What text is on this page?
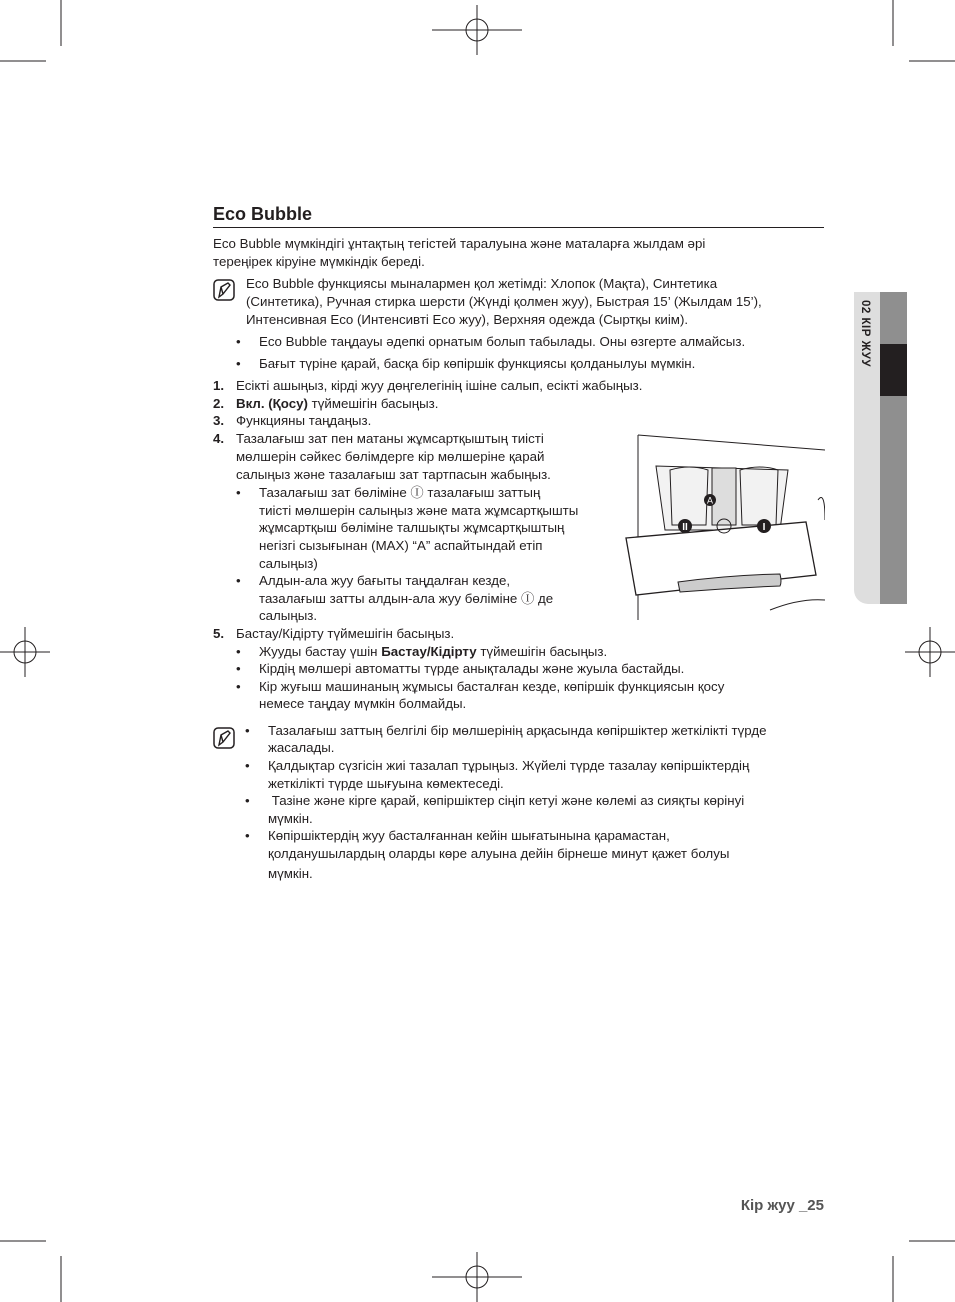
Eco Bubble
Eco Bubble мүмкіндігі ұнтақтың тегістей таралуына және маталарға жылдам әрі
тереңірек кіруіне мүмкіндік береді.
Eco Bubble функциясы мыналармен қол жетімді: Хлопок (Мақта), Синтетика
(Синтетика), Ручная стирка шерсти (Жүнді қолмен жуу), Быстрая 15’ (Жылдам 15’),
Интенсивная Eco (Интенсивті Eco жуу), Верхняя одежда (Сыртқы киім).
• Eco Bubble таңдауы әдепкі орнатым болып табылады. Оны өзгерте алмайсыз.
• Бағыт түріне қарай, басқа бір көпіршік функциясы қолданылуы мүмкін.
1. Есікті ашыңыз, кірді жуу дөңгелегінің ішіне салып, есікті жабыңыз.
2. Вкл. (Қосу) түймешігін басыңыз.
3. Функцияны таңдаңыз.
4. Тазалағыш зат пен матаны жұмсартқыштың тиісті
мөлшерін сәйкес бөлімдерге кір мөлшеріне қарай
салыңыз және тазалағыш зат тартпасын жабыңыз.
• Тазалағыш зат бөліміне Ⓘ тазалағыш заттың
тиісті мөлшерін салыңыз және мата жұмсартқышты
жұмсартқыш бөліміне талшықты жұмсартқыштың
негізгі сызығынан (MAX) “A” аспайтындай етіп
салыңыз)
• Алдын-ала жуу бағыты таңдалған кезде,
тазалағыш затты алдын-ала жуу бөліміне Ⓘ де
салыңыз.
5. Бастау/Кідірту түймешігін басыңыз.
• Жууды бастау үшін Бастау/Кідірту түймешігін басыңыз.
• Кірдің мөлшері автоматты түрде анықталады және жуыла бастайды.
• Кір жуғыш машинаның жұмысы басталған кезде, көпіршік функциясын қосу
немесе таңдау мүмкін болмайды.
• Тазалағыш заттың белгілі бір мөлшерінің арқасында көпіршіктер жеткілікті түрде
жасалады.
• Қалдықтар сүзгісін жиі тазалап тұрыңыз. Жүйелі түрде тазалау көпіршіктердің
жеткілікті түрде шығуына көмектеседі.
• Тазіне және кірге қарай, көпіршіктер сіңіп кетуі және көлемі аз сияқты көрінуі
мүмкін.
• Көпіршіктердің жуу басталғаннан кейін шығатынына қарамастан,
қолданушылардың оларды көре алуына дейін бірнеше минут қажет болуы
мүмкін.
A
II	I
02 КІР ЖУУ
Кір жуу _25
